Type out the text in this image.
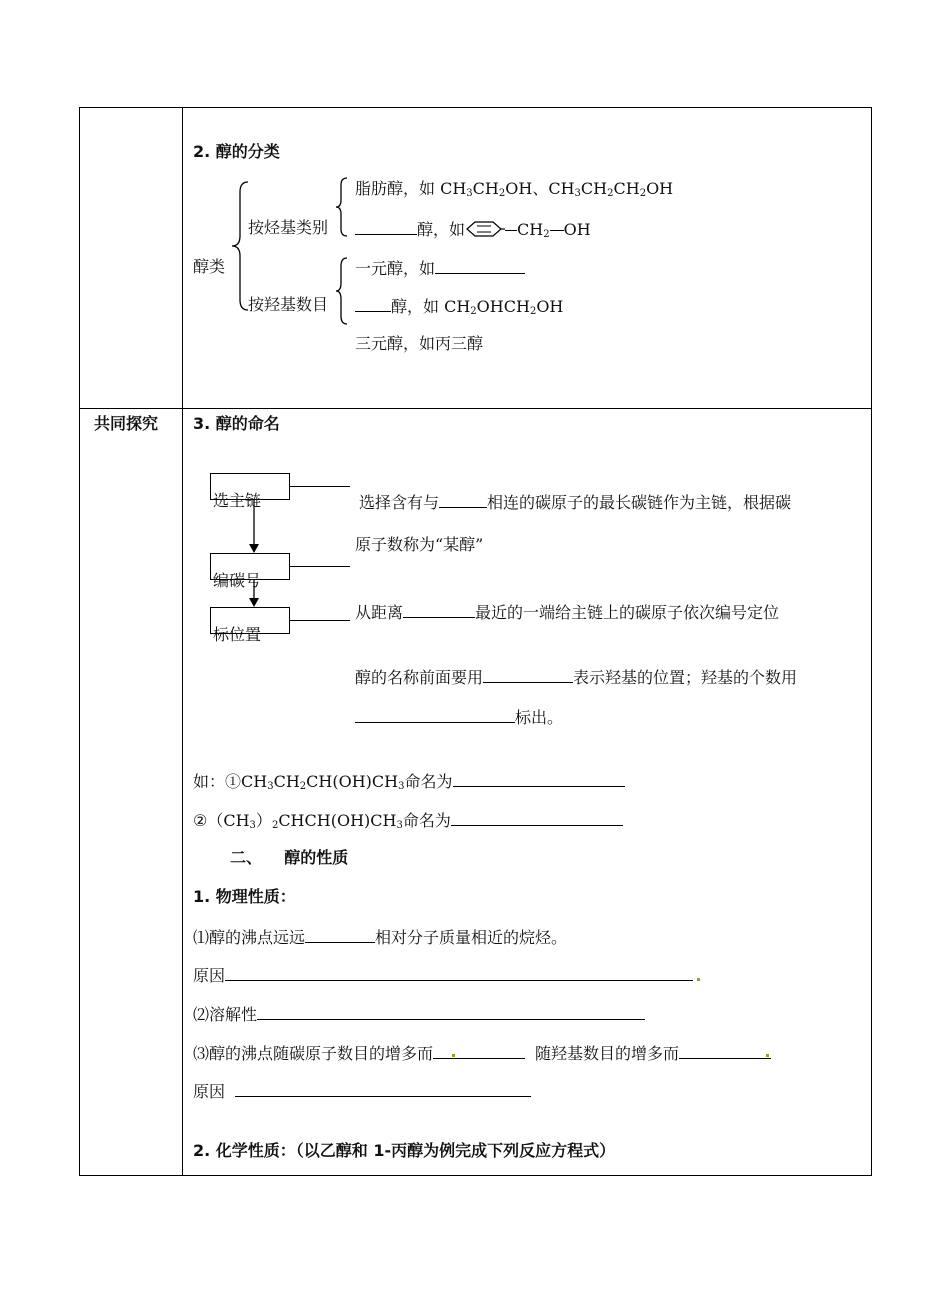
2. 醇的分类
醇类
按烃基类别
按羟基数目
脂肪醇，如 $CH_3CH_2OH$、$CH_3CH_2CH_2OH$
醇，如	$CH_2$ OH
一元醇，如
醇，如 $CH_2OHCH_2OH$
三元醇，如丙三醇
共同探究 3. 醇的命名
选主链
编碳号
标位置
选择含有与	相连的碳原子的最长碳链作为主链，根据碳
原子数称为“某醇”
从距离	最近的一端给主链上的碳原子依次编号定位
醇的名称前面要用	表示羟基的位置；羟基的个数用
标出。
如：$①CH_3CH_2CH(OH)CH_3$命名为
$②(CH_3)_2CHCH(OH)CH_3$命名为
二、    醇的性质
1. 物理性质：
⑴醇的沸点远远	相对分子质量相近的烷烃。
原因
⑵溶解性
⑶醇的沸点随碳原子数目的增多而	随羟基数目的增多而
原因
2. 化学性质：（以乙醇和 1-丙醇为例完成下列反应方程式）
